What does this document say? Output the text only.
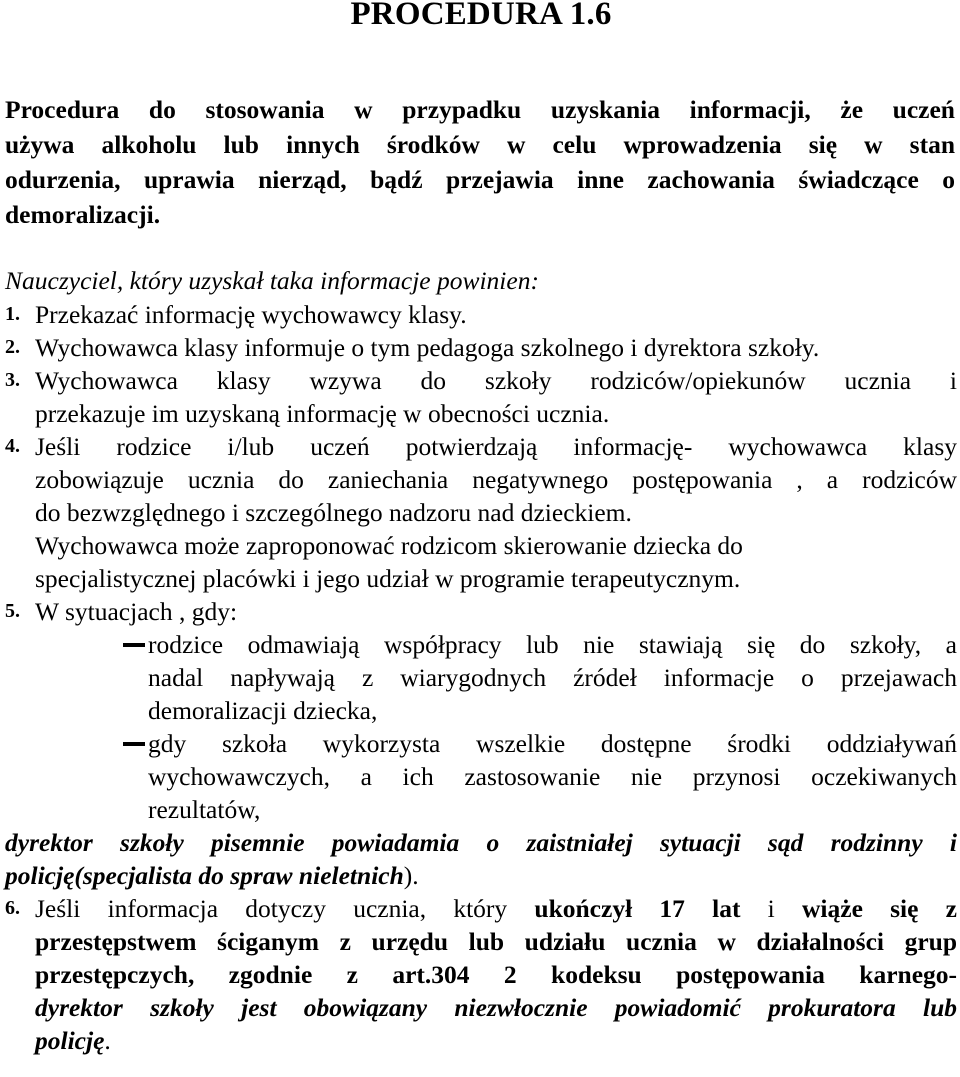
PROCEDURA 1.6
Procedura do stosowania w przypadku uzyskania informacji, że uczeń
używa alkoholu lub innych środków w celu wprowadzenia się w stan
odurzenia, uprawia nierząd, bądź przejawia inne zachowania świadczące o
demoralizacji.
Nauczyciel, który uzyskał taka informacje powinien:
1. Przekazać informację wychowawcy klasy.
2. Wychowawca klasy informuje o tym pedagoga szkolnego i dyrektora szkoły.
3. Wychowawca klasy wzywa do szkoły rodziców/opiekunów ucznia i
przekazuje im uzyskaną informację w obecności ucznia.
4. Jeśli rodzice i/lub uczeń potwierdzają informację- wychowawca klasy
zobowiązuje ucznia do zaniechania negatywnego postępowania , a rodziców
do bezwzględnego i szczególnego nadzoru nad dzieckiem.
Wychowawca może zaproponować rodzicom skierowanie dziecka do
specjalistycznej placówki i jego udział w programie terapeutycznym.
5. W sytuacjach , gdy:
rodzice odmawiają współpracy lub nie stawiają się do szkoły, a
nadal napływają z wiarygodnych źródeł informacje o przejawach
demoralizacji dziecka,
gdy szkoła wykorzysta wszelkie dostępne środki oddziaływań
wychowawczych, a ich zastosowanie nie przynosi oczekiwanych
rezultatów,
dyrektor szkoły pisemnie powiadamia o zaistniałej sytuacji sąd rodzinny i
policję(specjalista do spraw nieletnich).
6. Jeśli informacja dotyczy ucznia, który ukończył 17 lat i wiąże się z
przestępstwem ściganym z urzędu lub udziału ucznia w działalności grup
przestępczych, zgodnie z art.304 2 kodeksu postępowania karnego-
dyrektor szkoły jest obowiązany niezwłocznie powiadomić prokuratora lub
policję.
